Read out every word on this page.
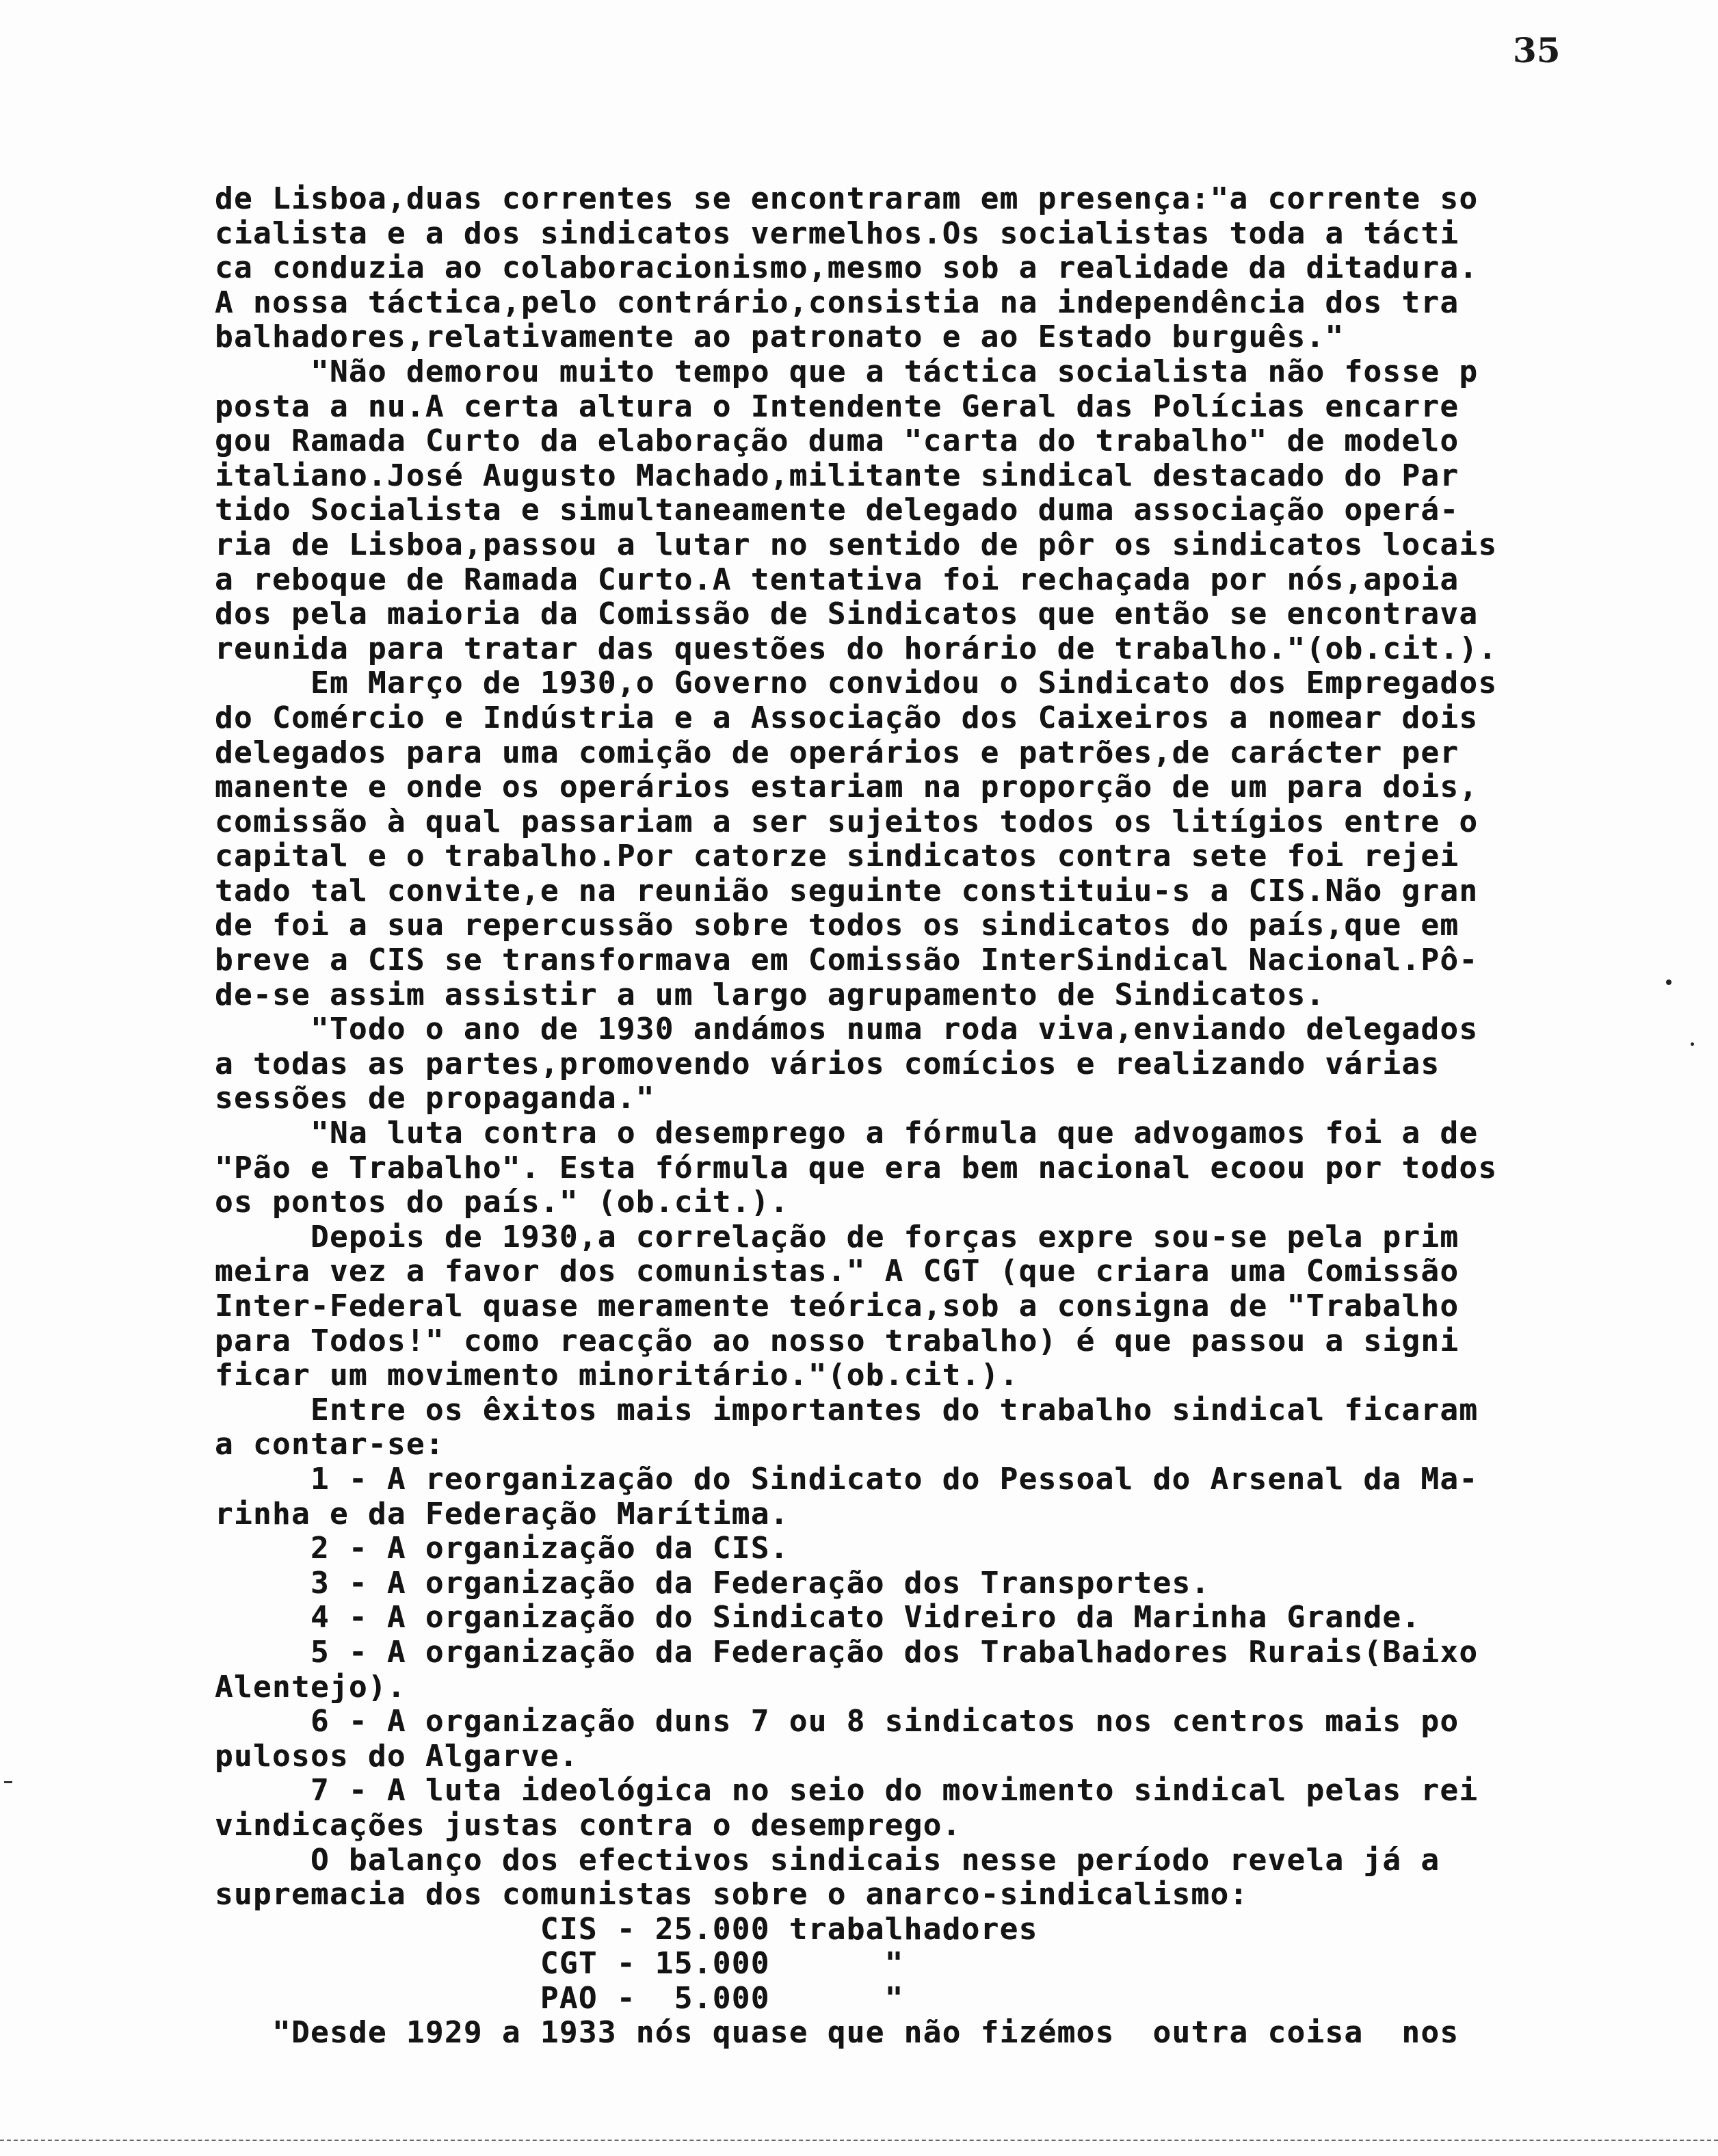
35
de Lisboa,duas correntes se encontraram em presença:"a corrente so
cialista e a dos sindicatos vermelhos.Os socialistas toda a tácti
ca conduzia ao colaboracionismo,mesmo sob a realidade da ditadura.
A nossa táctica,pelo contrário,consistia na independência dos tra
balhadores,relativamente ao patronato e ao Estado burguês."
"Não demorou muito tempo que a táctica socialista não fosse p
posta a nu.A certa altura o Intendente Geral das Polícias encarre
gou Ramada Curto da elaboração duma "carta do trabalho" de modelo
italiano.José Augusto Machado,militante sindical destacado do Par
tido Socialista e simultaneamente delegado duma associação operá-
ria de Lisboa,passou a lutar no sentido de pôr os sindicatos locais
a reboque de Ramada Curto.A tentativa foi rechaçada por nós,apoia
dos pela maioria da Comissão de Sindicatos que então se encontrava
reunida para tratar das questões do horário de trabalho."(ob.cit.).
Em Março de 1930,o Governo convidou o Sindicato dos Empregados
do Comércio e Indústria e a Associação dos Caixeiros a nomear dois
delegados para uma comição de operários e patrões,de carácter per
manente e onde os operários estariam na proporção de um para dois,
comissão à qual passariam a ser sujeitos todos os litígios entre o
capital e o trabalho.Por catorze sindicatos contra sete foi rejei
tado tal convite,e na reunião seguinte constituiu-s a CIS.Não gran
de foi a sua repercussão sobre todos os sindicatos do país,que em
breve a CIS se transformava em Comissão InterSindical Nacional.Pô-
de-se assim assistir a um largo agrupamento de Sindicatos.
"Todo o ano de 1930 andámos numa roda viva,enviando delegados
a todas as partes,promovendo vários comícios e realizando várias
sessões de propaganda."
"Na luta contra o desemprego a fórmula que advogamos foi a de
"Pão e Trabalho". Esta fórmula que era bem nacional ecoou por todos
os pontos do país." (ob.cit.).
Depois de 1930,a correlação de forças expre sou-se pela prim
meira vez a favor dos comunistas." A CGT (que criara uma Comissão
Inter-Federal quase meramente teórica,sob a consigna de "Trabalho
para Todos!" como reacção ao nosso trabalho) é que passou a signi
ficar um movimento minoritário."(ob.cit.).
Entre os êxitos mais importantes do trabalho sindical ficaram
a contar-se:
1 - A reorganização do Sindicato do Pessoal do Arsenal da Ma-
rinha e da Federação Marítima.
2 - A organização da CIS.
3 - A organização da Federação dos Transportes.
4 - A organização do Sindicato Vidreiro da Marinha Grande.
5 - A organização da Federação dos Trabalhadores Rurais(Baixo
Alentejo).
6 - A organização duns 7 ou 8 sindicatos nos centros mais po
pulosos do Algarve.
7 - A luta ideológica no seio do movimento sindical pelas rei
vindicações justas contra o desemprego.
O balanço dos efectivos sindicais nesse período revela já a
supremacia dos comunistas sobre o anarco-sindicalismo:
CIS - 25.000 trabalhadores
CGT - 15.000      "
PAO -  5.000      "
"Desde 1929 a 1933 nós quase que não fizémos  outra coisa  nos
